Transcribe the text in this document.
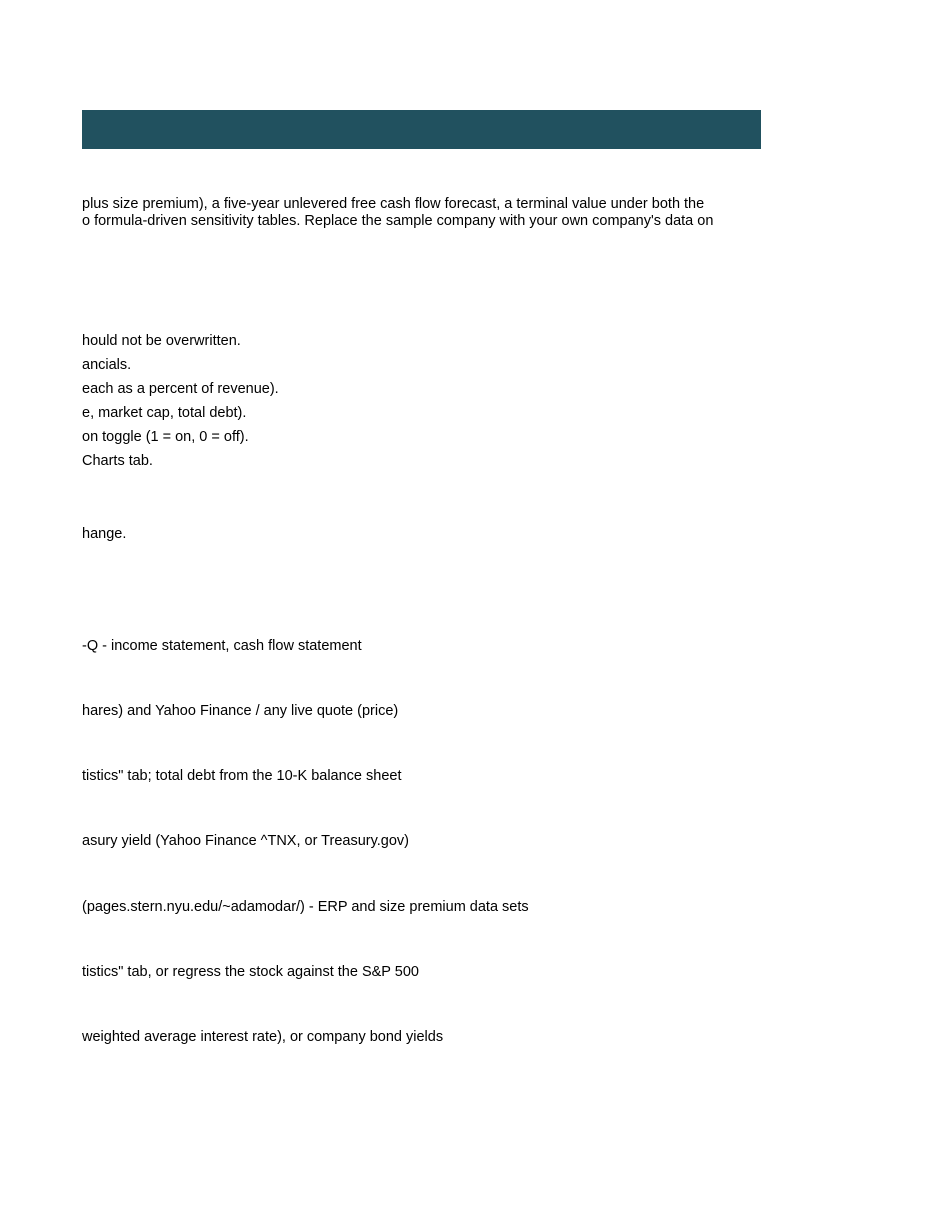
plus size premium), a five-year unlevered free cash flow forecast, a terminal value under both the
o formula-driven sensitivity tables. Replace the sample company with your own company's data on
hould not be overwritten.
ancials.
each as a percent of revenue).
e, market cap, total debt).
on toggle (1 = on, 0 = off).
Charts tab.
hange.
-Q - income statement, cash flow statement
hares) and Yahoo Finance / any live quote (price)
tistics" tab; total debt from the 10-K balance sheet
asury yield (Yahoo Finance ^TNX, or Treasury.gov)
(pages.stern.nyu.edu/~adamodar/) - ERP and size premium data sets
tistics" tab, or regress the stock against the S&P 500
weighted average interest rate), or company bond yields
